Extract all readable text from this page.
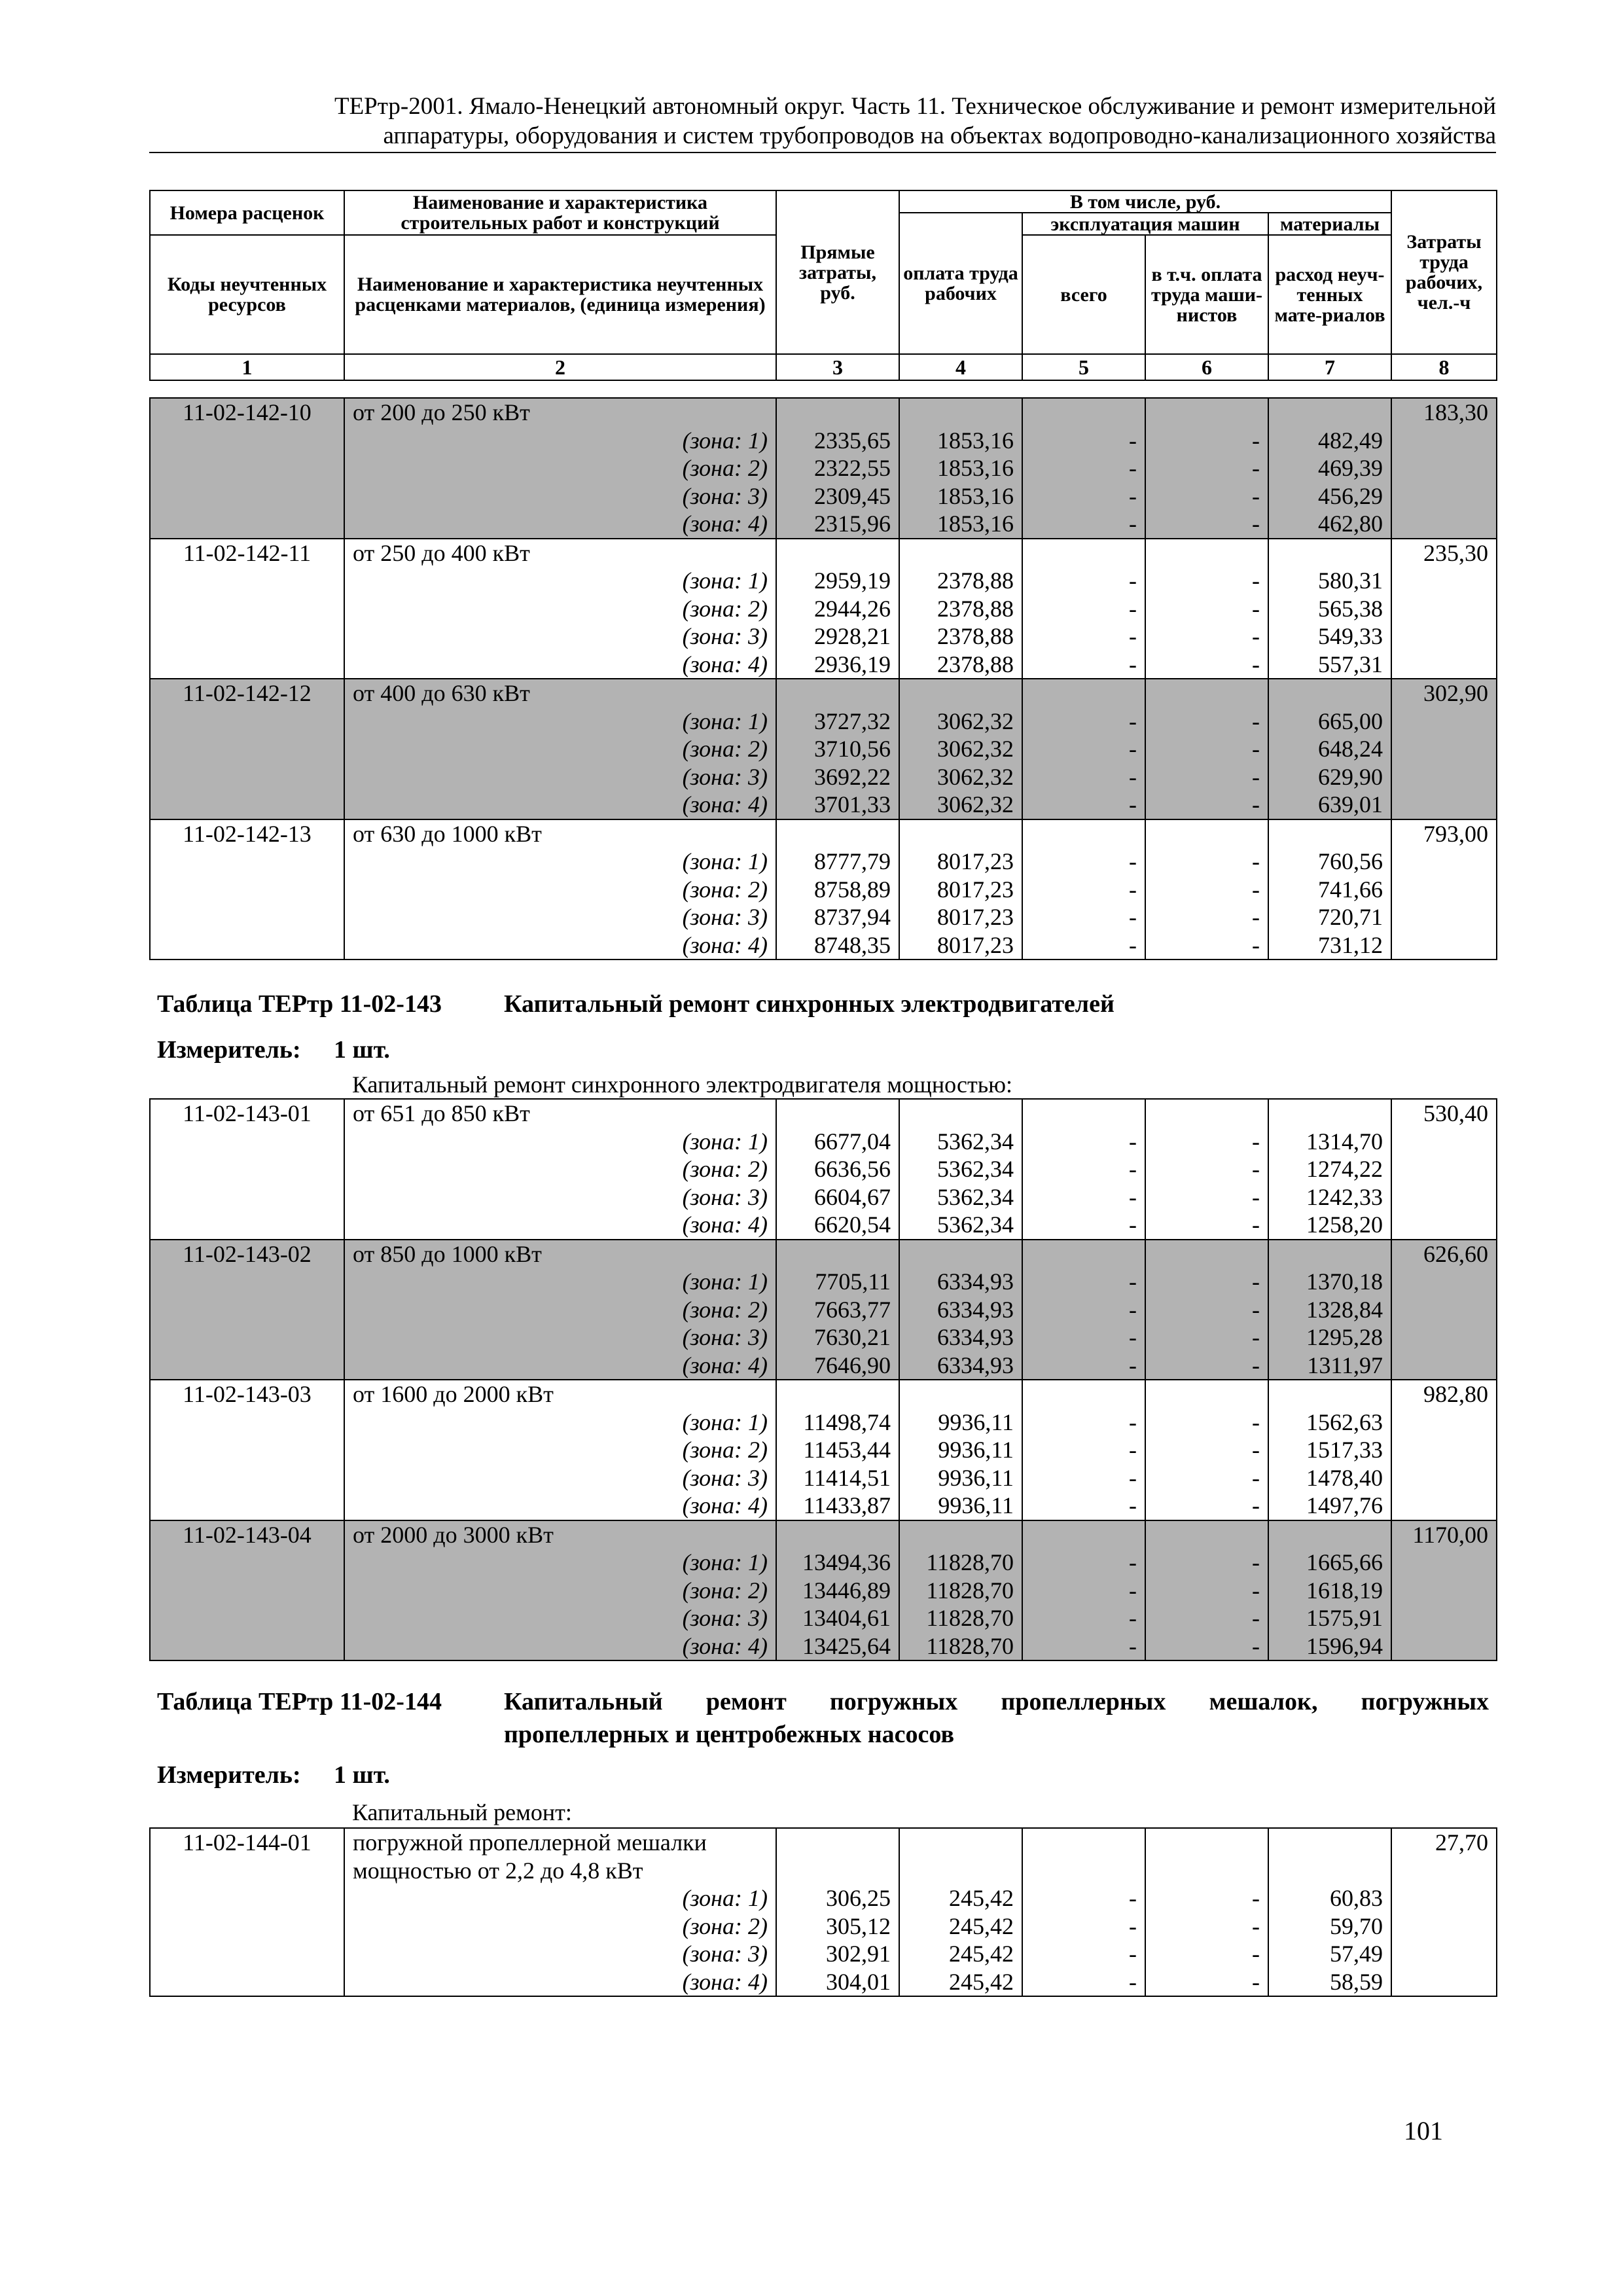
ТЕРтр-2001. Ямало-Ненецкий автономный округ. Часть 11. Техническое обслуживание и ремонт измерительной
аппаратуры, оборудования и систем трубопроводов на объектах водопроводно-канализационного хозяйства
Номера расценок	Наименование и характеристика строительных работ и конструкций	Прямые затраты, руб.	В том числе, руб.				Затраты труда рабочих, чел.-ч
			оплата труда рабочих	эксплуатация машин		материалы	
Коды неучтенных ресурсов	Наименование и характеристика неучтенных расценками материалов, (единица измерения)			всего	в т.ч. оплата труда маши-нистов	расход неуч-тенных мате-риалов	

1	2	3	4	5	6	7	8
11-02-142-10	от 200 до 250 кВт						183,30
	(зона: 1)	2335,65	1853,16	-	-	482,49	
	(зона: 2)	2322,55	1853,16	-	-	469,39	
	(зона: 3)	2309,45	1853,16	-	-	456,29	
	(зона: 4)	2315,96	1853,16	-	-	462,80	
11-02-142-11	от 250 до 400 кВт						235,30
	(зона: 1)	2959,19	2378,88	-	-	580,31	
	(зона: 2)	2944,26	2378,88	-	-	565,38	
	(зона: 3)	2928,21	2378,88	-	-	549,33	
	(зона: 4)	2936,19	2378,88	-	-	557,31	
11-02-142-12	от 400 до 630 кВт						302,90
	(зона: 1)	3727,32	3062,32	-	-	665,00	
	(зона: 2)	3710,56	3062,32	-	-	648,24	
	(зона: 3)	3692,22	3062,32	-	-	629,90	
	(зона: 4)	3701,33	3062,32	-	-	639,01	
11-02-142-13	от 630 до 1000 кВт						793,00
	(зона: 1)	8777,79	8017,23	-	-	760,56	
	(зона: 2)	8758,89	8017,23	-	-	741,66	
	(зона: 3)	8737,94	8017,23	-	-	720,71	
	(зона: 4)	8748,35	8017,23	-	-	731,12	
Таблица ТЕРтр 11-02-143	Капитальный ремонт синхронных электродвигателей
Измеритель: 1 шт.
Капитальный ремонт синхронного электродвигателя мощностью:
11-02-143-01	от 651 до 850 кВт						530,40
	(зона: 1)	6677,04	5362,34	-	-	1314,70	
	(зона: 2)	6636,56	5362,34	-	-	1274,22	
	(зона: 3)	6604,67	5362,34	-	-	1242,33	
	(зона: 4)	6620,54	5362,34	-	-	1258,20	
11-02-143-02	от 850 до 1000 кВт						626,60
	(зона: 1)	7705,11	6334,93	-	-	1370,18	
	(зона: 2)	7663,77	6334,93	-	-	1328,84	
	(зона: 3)	7630,21	6334,93	-	-	1295,28	
	(зона: 4)	7646,90	6334,93	-	-	1311,97	
11-02-143-03	от 1600 до 2000 кВт						982,80
	(зона: 1)	11498,74	9936,11	-	-	1562,63	
	(зона: 2)	11453,44	9936,11	-	-	1517,33	
	(зона: 3)	11414,51	9936,11	-	-	1478,40	
	(зона: 4)	11433,87	9936,11	-	-	1497,76	
11-02-143-04	от 2000 до 3000 кВт						1170,00
	(зона: 1)	13494,36	11828,70	-	-	1665,66	
	(зона: 2)	13446,89	11828,70	-	-	1618,19	
	(зона: 3)	13404,61	11828,70	-	-	1575,91	
	(зона: 4)	13425,64	11828,70	-	-	1596,94	
Таблица ТЕРтр 11-02-144	Капитальный ремонт погружных пропеллерных мешалок, погружных
пропеллерных и центробежных насосов
Измеритель: 1 шт.
Капитальный ремонт:
11-02-144-01	погружной пропеллерной мешалки						27,70
	мощностью от 2,2 до 4,8 кВт						
	(зона: 1)	306,25	245,42	-	-	60,83	
	(зона: 2)	305,12	245,42	-	-	59,70	
	(зона: 3)	302,91	245,42	-	-	57,49	
	(зона: 4)	304,01	245,42	-	-	58,59	
101
